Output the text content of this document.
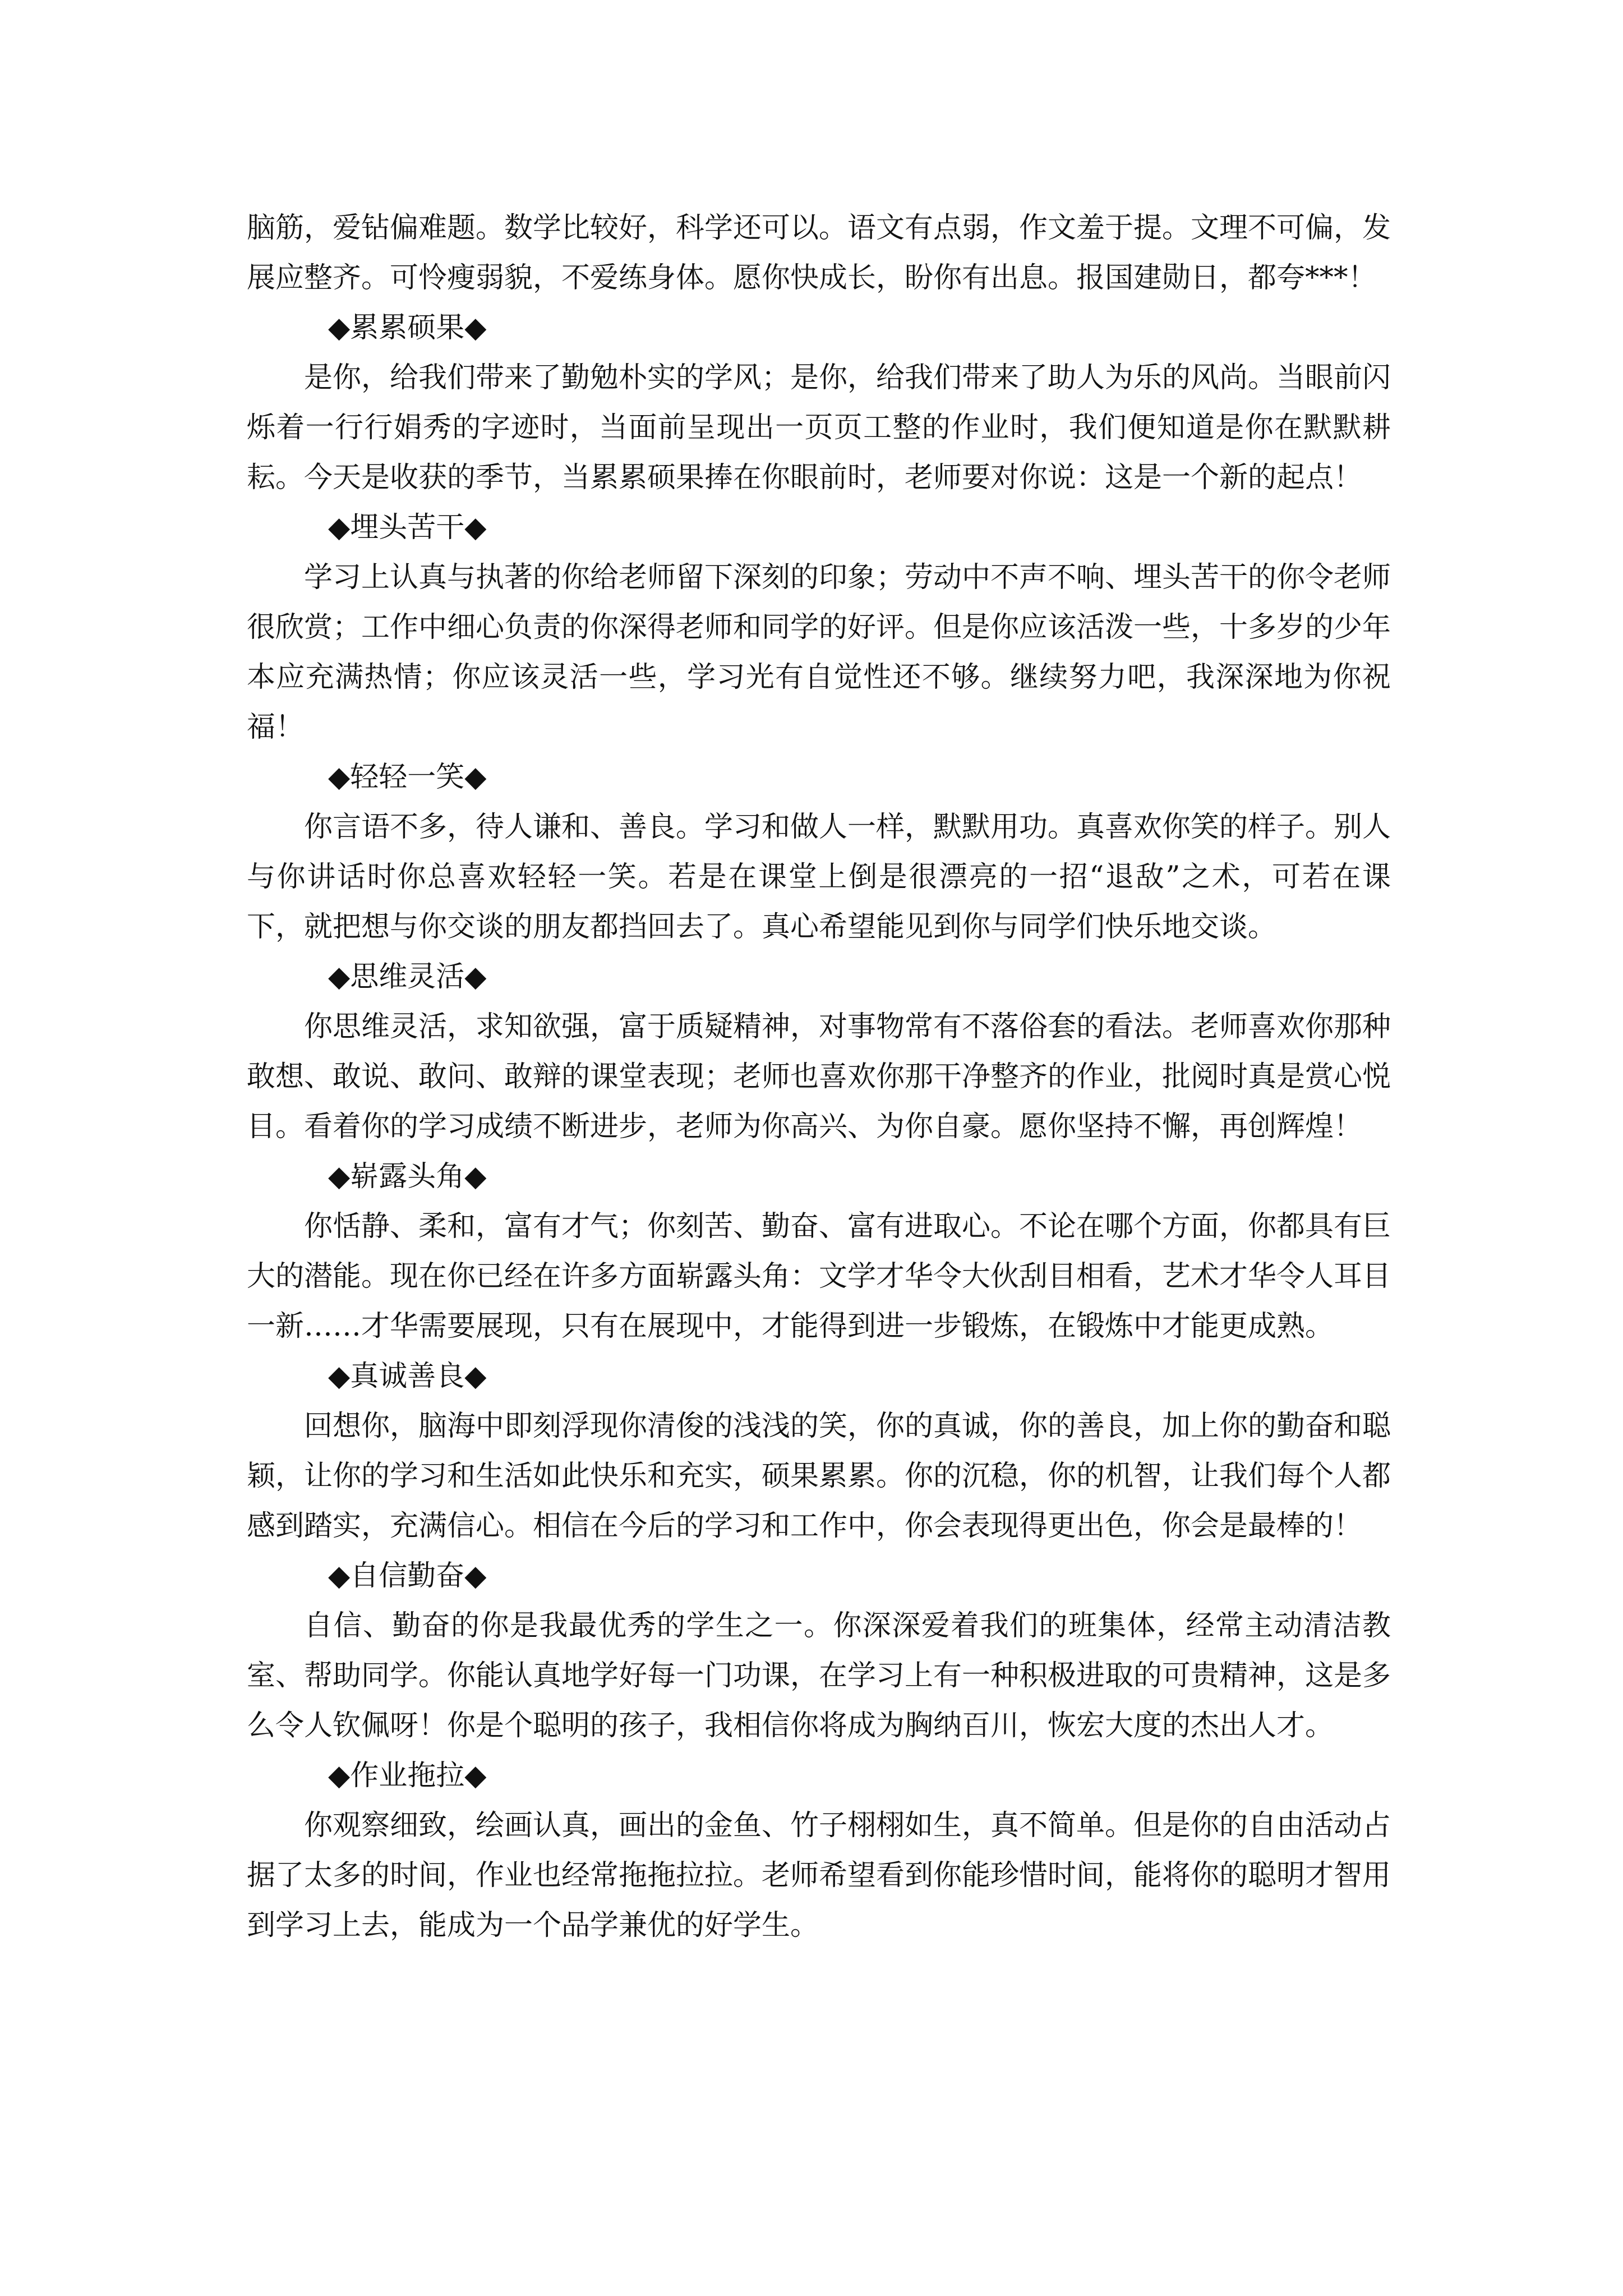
脑筋，爱钻偏难题。数学比较好，科学还可以。语文有点弱，作文羞于提。文理不可偏，发展应整齐。可怜瘦弱貌，不爱练身体。愿你快成长，盼你有出息。报国建勋日，都夸***！

◆累累硕果◆

是你，给我们带来了勤勉朴实的学风；是你，给我们带来了助人为乐的风尚。当眼前闪烁着一行行娟秀的字迹时，当面前呈现出一页页工整的作业时，我们便知道是你在默默耕耘。今天是收获的季节，当累累硕果捧在你眼前时，老师要对你说：这是一个新的起点！

◆埋头苦干◆

学习上认真与执著的你给老师留下深刻的印象；劳动中不声不响、埋头苦干的你令老师很欣赏；工作中细心负责的你深得老师和同学的好评。但是你应该活泼一些，十多岁的少年本应充满热情；你应该灵活一些，学习光有自觉性还不够。继续努力吧，我深深地为你祝福！

◆轻轻一笑◆

你言语不多，待人谦和、善良。学习和做人一样，默默用功。真喜欢你笑的样子。别人与你讲话时你总喜欢轻轻一笑。若是在课堂上倒是很漂亮的一招“退敌”之术，可若在课下，就把想与你交谈的朋友都挡回去了。真心希望能见到你与同学们快乐地交谈。

◆思维灵活◆

你思维灵活，求知欲强，富于质疑精神，对事物常有不落俗套的看法。老师喜欢你那种敢想、敢说、敢问、敢辩的课堂表现；老师也喜欢你那干净整齐的作业，批阅时真是赏心悦目。看着你的学习成绩不断进步，老师为你高兴、为你自豪。愿你坚持不懈，再创辉煌！

◆崭露头角◆

你恬静、柔和，富有才气；你刻苦、勤奋、富有进取心。不论在哪个方面，你都具有巨大的潜能。现在你已经在许多方面崭露头角：文学才华令大伙刮目相看，艺术才华令人耳目一新……才华需要展现，只有在展现中，才能得到进一步锻炼，在锻炼中才能更成熟。

◆真诚善良◆

回想你，脑海中即刻浮现你清俊的浅浅的笑，你的真诚，你的善良，加上你的勤奋和聪颖，让你的学习和生活如此快乐和充实，硕果累累。你的沉稳，你的机智，让我们每个人都感到踏实，充满信心。相信在今后的学习和工作中，你会表现得更出色，你会是最棒的！

◆自信勤奋◆

自信、勤奋的你是我最优秀的学生之一。你深深爱着我们的班集体，经常主动清洁教室、帮助同学。你能认真地学好每一门功课，在学习上有一种积极进取的可贵精神，这是多么令人钦佩呀！你是个聪明的孩子，我相信你将成为胸纳百川，恢宏大度的杰出人才。

◆作业拖拉◆

你观察细致，绘画认真，画出的金鱼、竹子栩栩如生，真不简单。但是你的自由活动占据了太多的时间，作业也经常拖拖拉拉。老师希望看到你能珍惜时间，能将你的聪明才智用到学习上去，能成为一个品学兼优的好学生。
